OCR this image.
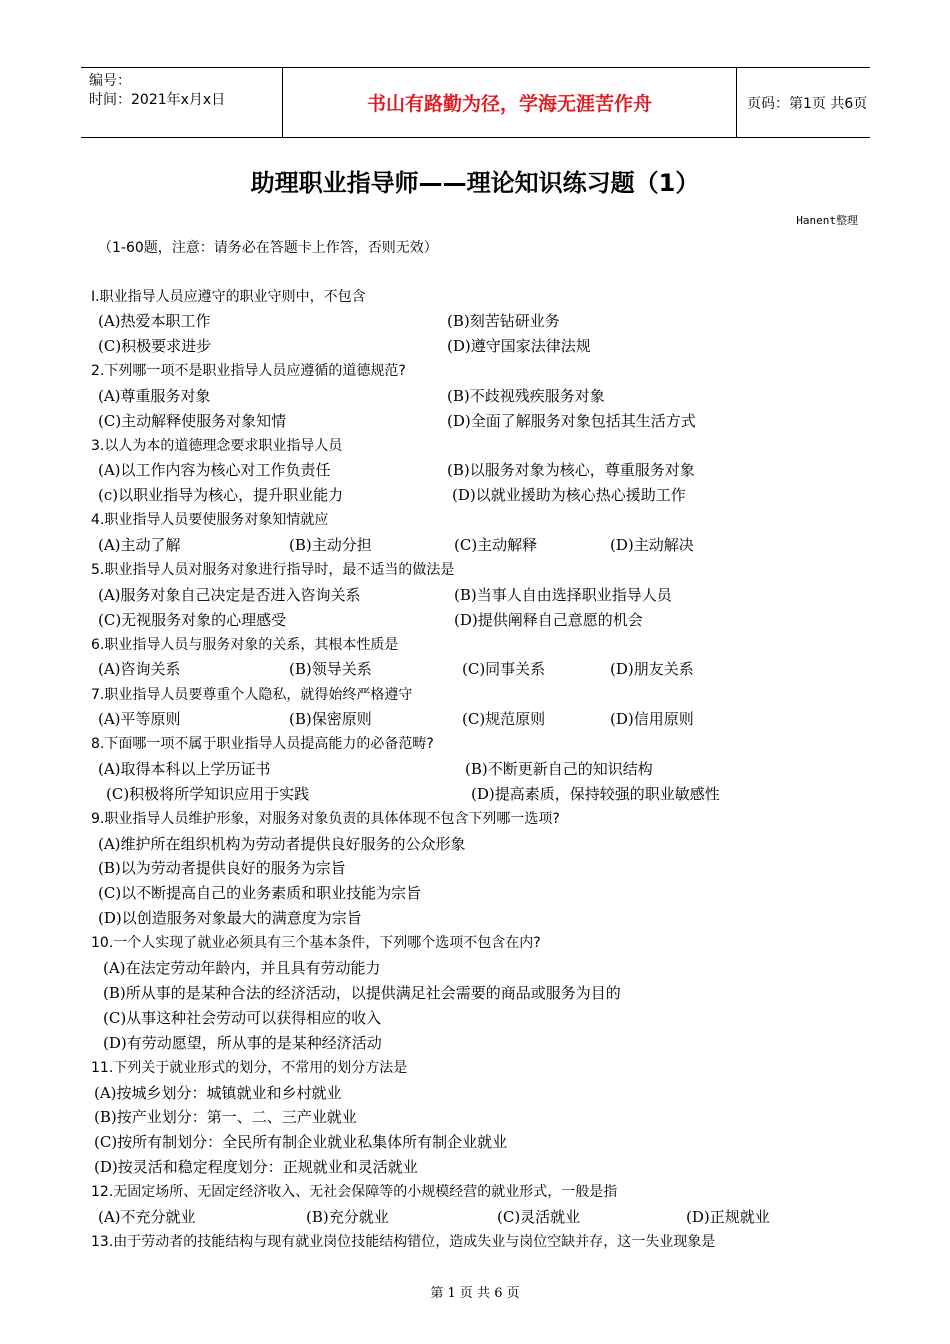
编号：
时间：2021年x月x日	书山有路勤为径，学海无涯苦作舟	页码：第1页 共6页
助理职业指导师——理论知识练习题（1）
Hanent整理
（1-60题，注意：请务必在答题卡上作答，否则无效）
I.职业指导人员应遵守的职业守则中，不包含
(A)热爱本职工作	(B)刻苦钻研业务
(C)积极要求进步	(D)遵守国家法律法规
2.下列哪一项不是职业指导人员应遵循的道德规范?
(A)尊重服务对象	(B)不歧视残疾服务对象
(C)主动解释使服务对象知情	(D)全面了解服务对象包括其生活方式
3.以人为本的道德理念要求职业指导人员
(A)以工作内容为核心对工作负责任	(B)以服务对象为核心，尊重服务对象
(c)以职业指导为核心，提升职业能力	(D)以就业援助为核心热心援助工作
4.职业指导人员要使服务对象知情就应
(A)主动了解	(B)主动分担	(C)主动解释	(D)主动解决
5.职业指导人员对服务对象进行指导时，最不适当的做法是
(A)服务对象自己决定是否进入咨询关系	(B)当事人自由选择职业指导人员
(C)无视服务对象的心理感受	(D)提供阐释自己意愿的机会
6.职业指导人员与服务对象的关系，其根本性质是
(A)咨询关系	(B)领导关系	(C)同事关系	(D)朋友关系
7.职业指导人员要尊重个人隐私，就得始终严格遵守
(A)平等原则	(B)保密原则	(C)规范原则	(D)信用原则
8.下面哪一项不属于职业指导人员提高能力的必备范畴?
(A)取得本科以上学历证书	(B)不断更新自己的知识结构
(C)积极将所学知识应用于实践	(D)提高素质，保持较强的职业敏感性
9.职业指导人员维护形象，对服务对象负责的具体体现不包含下列哪一选项?
(A)维护所在组织机构为劳动者提供良好服务的公众形象
(B)以为劳动者提供良好的服务为宗旨
(C)以不断提高自己的业务素质和职业技能为宗旨
(D)以创造服务对象最大的满意度为宗旨
10.一个人实现了就业必须具有三个基本条件，下列哪个选项不包含在内?
(A)在法定劳动年龄内，并且具有劳动能力
(B)所从事的是某种合法的经济活动，以提供满足社会需要的商品或服务为目的
(C)从事这种社会劳动可以获得相应的收入
(D)有劳动愿望，所从事的是某种经济活动
11.下列关于就业形式的划分，不常用的划分方法是
(A)按城乡划分：城镇就业和乡村就业
(B)按产业划分：第一、二、三产业就业
(C)按所有制划分：全民所有制企业就业私集体所有制企业就业
(D)按灵活和稳定程度划分：正规就业和灵活就业
12.无固定场所、无固定经济收入、无社会保障等的小规模经营的就业形式，一般是指
(A)不充分就业	(B)充分就业	(C)灵活就业	(D)正规就业
13.由于劳动者的技能结构与现有就业岗位技能结构错位，造成失业与岗位空缺并存，这一失业现象是
第 1 页 共 6 页
